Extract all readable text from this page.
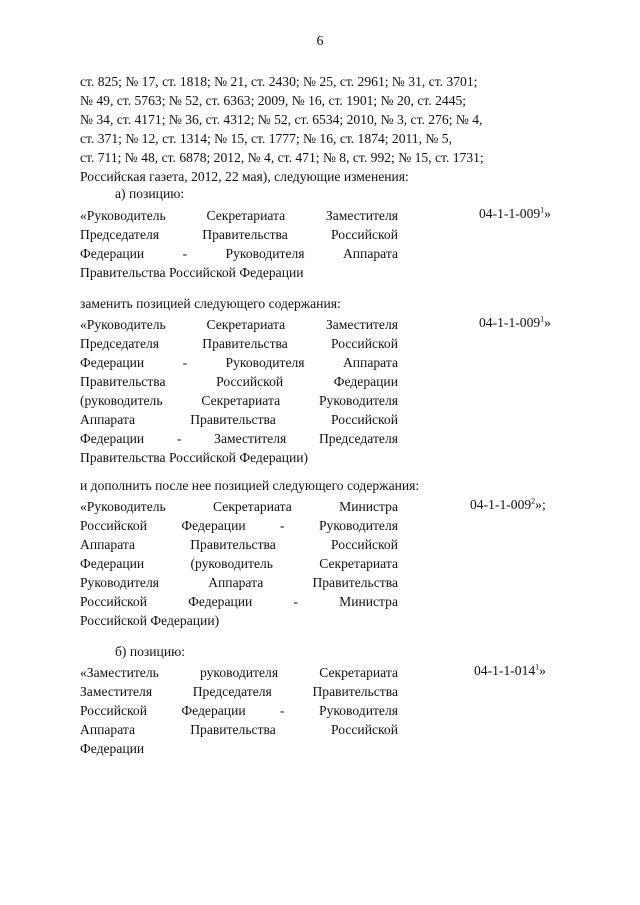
6

ст. 825; № 17, ст. 1818; № 21, ст. 2430; № 25, ст. 2961; № 31, ст. 3701;

№ 49, ст. 5763; № 52, ст. 6363; 2009, № 16, ст. 1901; № 20, ст. 2445;

№ 34, ст. 4171; № 36, ст. 4312; № 52, ст. 6534; 2010, № 3, ст. 276; № 4,

ст. 371; № 12, ст. 1314; № 15, ст. 1777; № 16, ст. 1874; 2011, № 5,

ст. 711; № 48, ст. 6878; 2012, № 4, ст. 471; № 8, ст. 992; № 15, ст. 1731;

Российская газета, 2012, 22 мая), следующие изменения:

а) позицию:
«Руководитель Секретариата Заместителя
Председателя Правительства Российской
Федерации - Руководителя Аппарата
Правительства Российской Федерации
$04-1-1-009^1$»
заменить позицией следующего содержания:
«Руководитель Секретариата Заместителя
Председателя Правительства Российской
Федерации - Руководителя Аппарата
Правительства Российской Федерации
(руководитель Секретариата Руководителя
Аппарата Правительства Российской
Федерации - Заместителя Председателя
Правительства Российской Федерации)
$04-1-1-009^1$»
и дополнить после нее позицией следующего содержания:
«Руководитель Секретариата Министра
Российской Федерации - Руководителя
Аппарата Правительства Российской
Федерации (руководитель Секретариата
Руководителя Аппарата Правительства
Российской Федерации - Министра
Российской Федерации)
$04-1-1-009^2$»;
б) позицию:
«Заместитель руководителя Секретариата
Заместителя Председателя Правительства
Российской Федерации - Руководителя
Аппарата Правительства Российской
Федерации
$04-1-1-014^1$»
